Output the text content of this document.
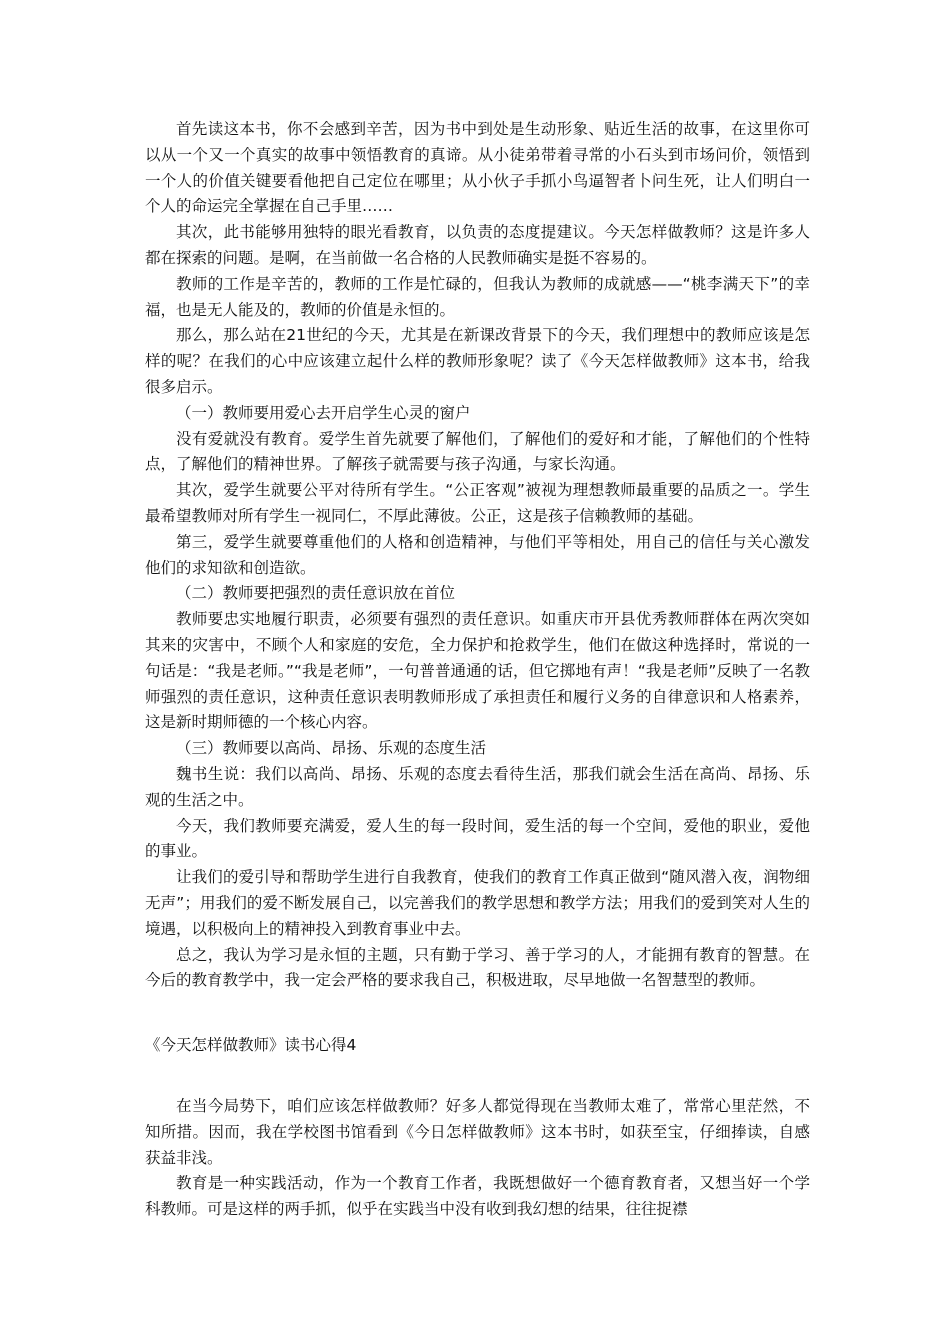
首先读这本书，你不会感到辛苦，因为书中到处是生动形象、贴近生活的故事，在这里你可以从一个又一个真实的故事中领悟教育的真谛。从小徒弟带着寻常的小石头到市场问价，领悟到一个人的价值关键要看他把自己定位在哪里；从小伙子手抓小鸟逼智者卜问生死，让人们明白一个人的命运完全掌握在自己手里……

其次，此书能够用独特的眼光看教育，以负责的态度提建议。今天怎样做教师？这是许多人都在探索的问题。是啊，在当前做一名合格的人民教师确实是挺不容易的。

教师的工作是辛苦的，教师的工作是忙碌的，但我认为教师的成就感——“桃李满天下”的幸福，也是无人能及的，教师的价值是永恒的。

那么，那么站在21世纪的今天，尤其是在新课改背景下的今天，我们理想中的教师应该是怎样的呢？在我们的心中应该建立起什么样的教师形象呢？读了《今天怎样做教师》这本书，给我很多启示。

（一）教师要用爱心去开启学生心灵的窗户

没有爱就没有教育。爱学生首先就要了解他们，了解他们的爱好和才能，了解他们的个性特点，了解他们的精神世界。了解孩子就需要与孩子沟通，与家长沟通。

其次，爱学生就要公平对待所有学生。“公正客观”被视为理想教师最重要的品质之一。学生最希望教师对所有学生一视同仁，不厚此薄彼。公正，这是孩子信赖教师的基础。

第三，爱学生就要尊重他们的人格和创造精神，与他们平等相处，用自己的信任与关心激发他们的求知欲和创造欲。

（二）教师要把强烈的责任意识放在首位

教师要忠实地履行职责，必须要有强烈的责任意识。如重庆市开县优秀教师群体在两次突如其来的灾害中，不顾个人和家庭的安危，全力保护和抢救学生，他们在做这种选择时，常说的一句话是：“我是老师。”“我是老师”，一句普普通通的话，但它掷地有声！“我是老师”反映了一名教师强烈的责任意识，这种责任意识表明教师形成了承担责任和履行义务的自律意识和人格素养，这是新时期师德的一个核心内容。

（三）教师要以高尚、昂扬、乐观的态度生活

魏书生说：我们以高尚、昂扬、乐观的态度去看待生活，那我们就会生活在高尚、昂扬、乐观的生活之中。

今天，我们教师要充满爱，爱人生的每一段时间，爱生活的每一个空间，爱他的职业，爱他的事业。

让我们的爱引导和帮助学生进行自我教育，使我们的教育工作真正做到“随风潜入夜，润物细无声”；用我们的爱不断发展自己，以完善我们的教学思想和教学方法；用我们的爱到笑对人生的境遇，以积极向上的精神投入到教育事业中去。

总之，我认为学习是永恒的主题，只有勤于学习、善于学习的人，才能拥有教育的智慧。在今后的教育教学中，我一定会严格的要求我自己，积极进取，尽早地做一名智慧型的教师。

《今天怎样做教师》读书心得4

在当今局势下，咱们应该怎样做教师？好多人都觉得现在当教师太难了，常常心里茫然，不知所措。因而，我在学校图书馆看到《今日怎样做教师》这本书时，如获至宝，仔细捧读，自感获益非浅。

教育是一种实践活动，作为一个教育工作者，我既想做好一个德育教育者，又想当好一个学科教师。可是这样的两手抓，似乎在实践当中没有收到我幻想的结果，往往捉襟
